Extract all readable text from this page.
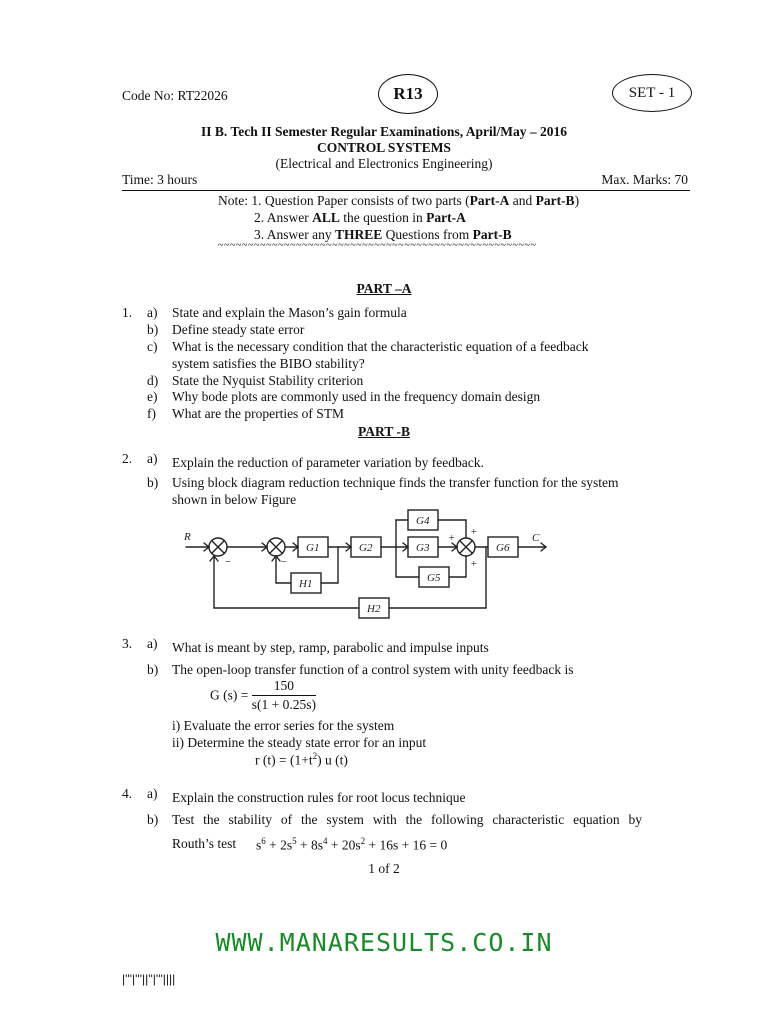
Code No: RT22026	R13	SET - 1
II B. Tech II Semester Regular Examinations, April/May – 2016
CONTROL SYSTEMS
(Electrical and Electronics Engineering)
Time: 3 hours	Max. Marks: 70
Note: 1. Question Paper consists of two parts (Part-A and Part-B)
2. Answer ALL the question in Part-A
3. Answer any THREE Questions from Part-B
~~~~~~~~~~~~~~~~~~~~~~~~~~~~~~~~~~~~~~~~~~~~~~~~~~~~~
PART –A
1. a) State and explain the Mason’s gain formula
b) Define steady state error
c) What is the necessary condition that the characteristic equation of a feedback
system satisfies the BIBO stability?
d) State the Nyquist Stability criterion
e) Why bode plots are commonly used in the frequency domain design
f) What are the properties of STM
PART -B
2. a) Explain the reduction of parameter variation by feedback.
b) Using block diagram reduction technique finds the transfer function for the system
shown in below Figure
R	C
G1	G2	G3
G4
G5
G6
H1
H2
−	−
+
+
+
3. a) What is meant by step, ramp, parabolic and impulse inputs
b) The open-loop transfer function of a control system with unity feedback is
G $(s) = \frac{150}{s(1 + 0.25s)}$
i) Evaluate the error series for the system
ii) Determine the steady state error for an input
r $(t) = (1+t^2)$ u (t)
4. a) Explain the construction rules for root locus technique
b) Test the stability of the system with the following characteristic equation by
Routh’s test $s^6 + 2s^5 + 8s^4 + 20s^2 + 16s + 16 = 0$
1 of 2
WWW.MANARESULTS.CO.IN
|'''|'''||''|'''||||
